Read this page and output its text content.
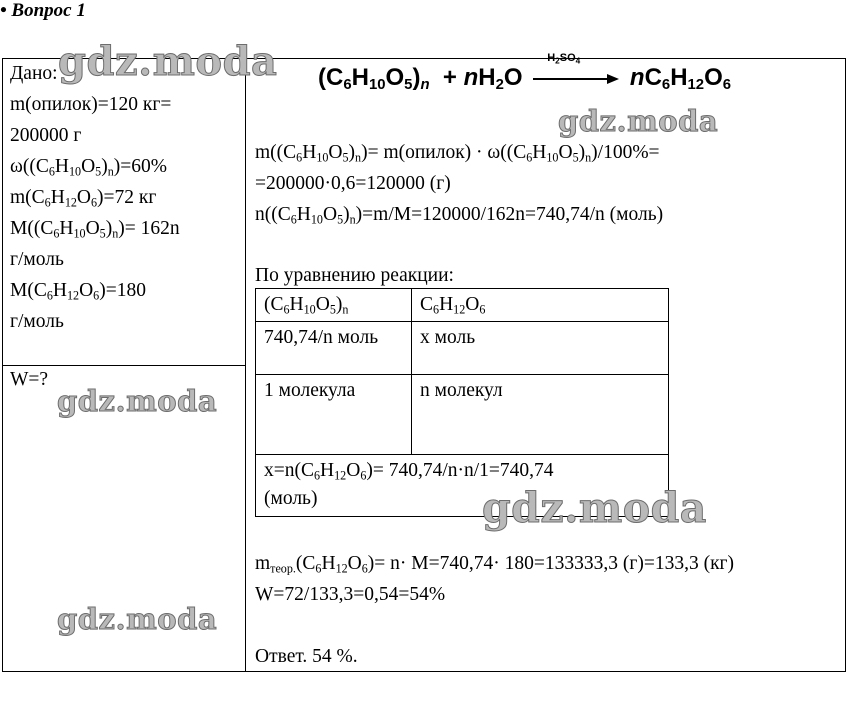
• Вопрос 1
Дано:
m(опилок)=120 кг=
200000 г
$\omega((C_6H_{10}O_5)_n)=60\%$
$m(C_6H_{12}O_6)=72$ кг
$M((C_6H_{10}O_5)_n)= 162n$
г/моль
$M(C_6H_{12}O_6)=180$
г/моль
W=?
$(C_6H_{10}O_5)_n + nH_2O$
$H_2SO_4$
$nC_6H_{12}O_6$
$m((C_6H_{10}O_5)_n)=$ m(опилок) · $\omega((C_6H_{10}O_5)_n)/100\%=$
=200000·0,6=120000 (г)
$n((C_6H_{10}O_5)_n)=m/M=120000/162n=740,74/n$ (моль)
По уравнению реакции:
$(C_6H_{10}O_5)_n$	$C_6H_{12}O_6$
740,74/n моль	x моль
1 молекула	n молекул
$x=n(C_6H_{12}O_6)= 740,74/n\cdot n/1=740,74$
(моль)	
$m_{теор.}(C_6H_{12}O_6)= n\cdot M=740,74\cdot 180=133333,3$ (г)=133,3 (кг)
W=72/133,3=0,54=54%

Ответ. 54 %.
gdz.moda
gdz.moda
gdz.moda
gdz.moda
gdz.moda
